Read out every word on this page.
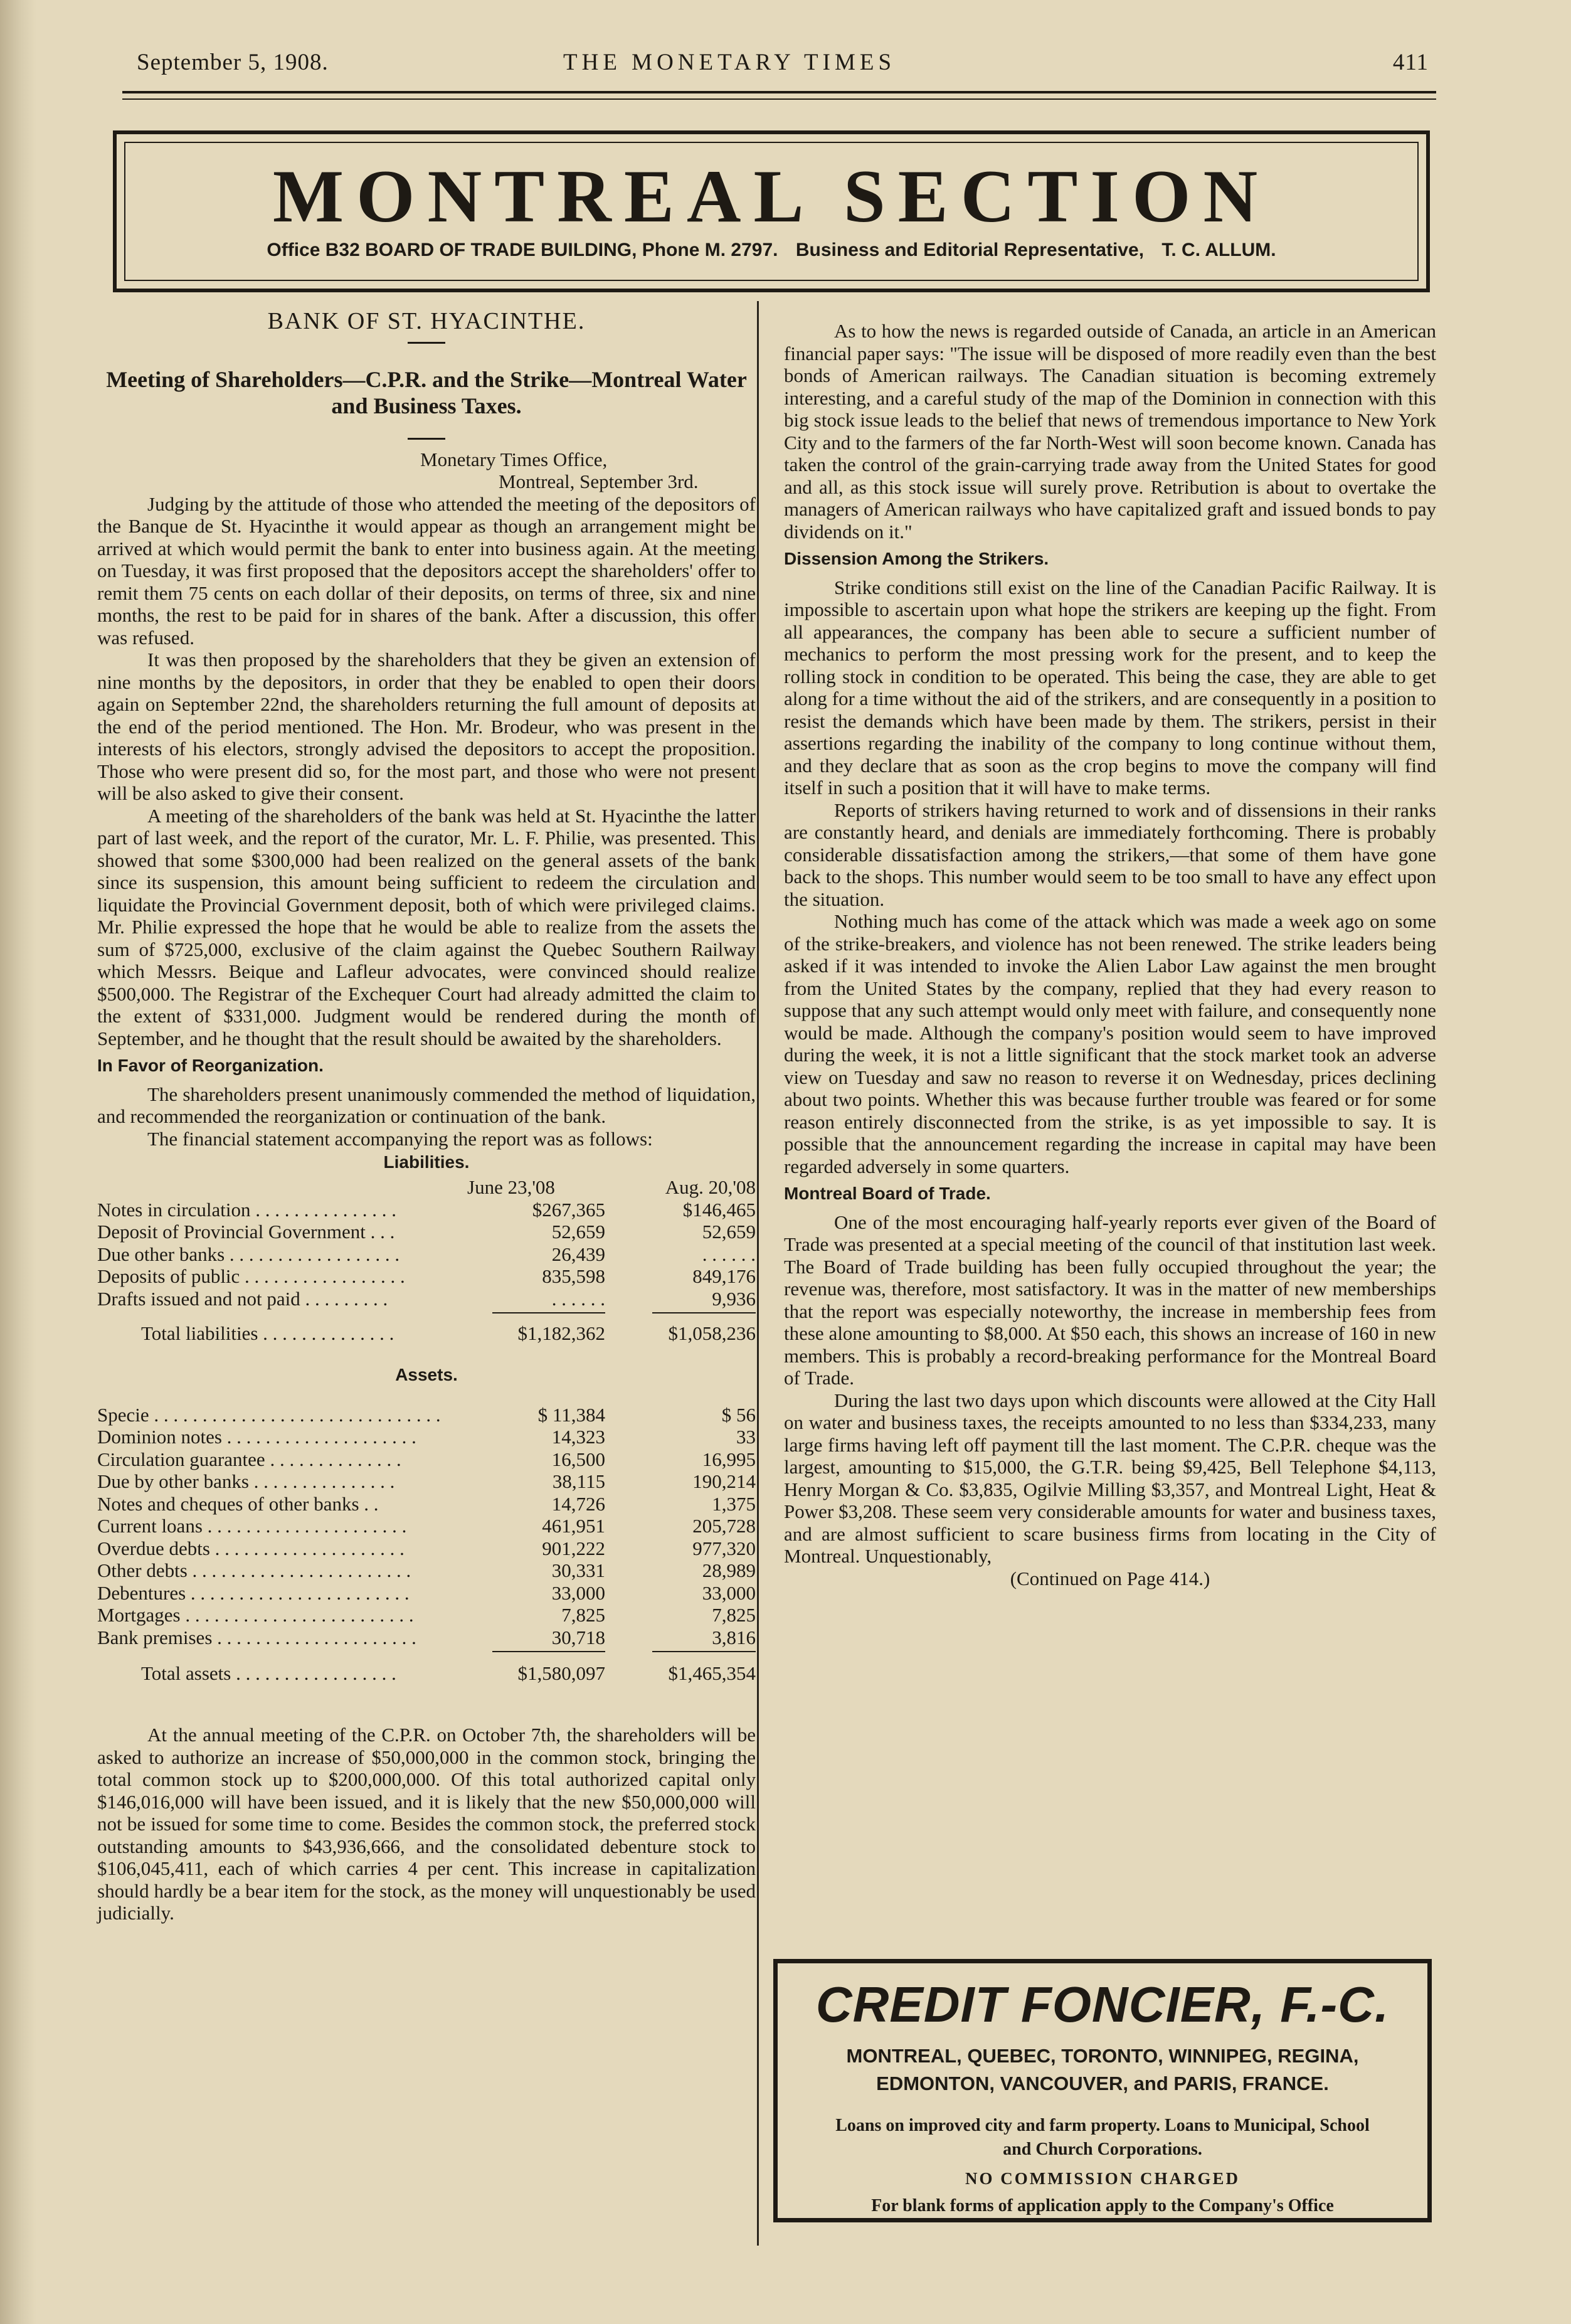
September 5, 1908.	THE MONETARY TIMES	411
MONTREAL SECTION
Office B32 BOARD OF TRADE BUILDING, Phone M. 2797. Business and Editorial Representative, T. C. ALLUM.
BANK OF ST. HYACINTHE.
Meeting of Shareholders—C.P.R. and the Strike—Montreal Water and Business Taxes.

Monetary Times Office,

Montreal, September 3rd.

Judging by the attitude of those who attended the meeting of the depositors of the Banque de St. Hyacinthe it would appear as though an arrangement might be arrived at which would permit the bank to enter into business again. At the meeting on Tuesday, it was first proposed that the depositors accept the shareholders' offer to remit them 75 cents on each dollar of their deposits, on terms of three, six and nine months, the rest to be paid for in shares of the bank. After a discussion, this offer was refused.

It was then proposed by the shareholders that they be given an extension of nine months by the depositors, in order that they be enabled to open their doors again on September 22nd, the shareholders returning the full amount of deposits at the end of the period mentioned. The Hon. Mr. Brodeur, who was present in the interests of his electors, strongly advised the depositors to accept the proposition. Those who were present did so, for the most part, and those who were not present will be also asked to give their consent.

A meeting of the shareholders of the bank was held at St. Hyacinthe the latter part of last week, and the report of the curator, Mr. L. F. Philie, was presented. This showed that some $300,000 had been realized on the general assets of the bank since its suspension, this amount being sufficient to redeem the circulation and liquidate the Provincial Government deposit, both of which were privileged claims. Mr. Philie expressed the hope that he would be able to realize from the assets the sum of $725,000, exclusive of the claim against the Quebec Southern Railway which Messrs. Beique and Lafleur advocates, were convinced should realize $500,000. The Registrar of the Exchequer Court had already admitted the claim to the extent of $331,000. Judgment would be rendered during the month of September, and he thought that the result should be awaited by the shareholders.

In Favor of Reorganization.

The shareholders present unanimously commended the method of liquidation, and recommended the reorganization or continuation of the bank.

The financial statement accompanying the report was as follows:

Liabilities.
June 23,'08	Aug. 20,'08
Notes in circulation . . . . . . . . . . . . . . .	$267,365	$146,465
Deposit of Provincial Government . . .	52,659	52,659
Due other banks . . . . . . . . . . . . . . . . . .	26,439	. . . . . .
Deposits of public . . . . . . . . . . . . . . . . .	835,598	849,176
Drafts issued and not paid . . . . . . . . .	. . . . . .	9,936
Total liabilities . . . . . . . . . . . . . .	$1,182,362	$1,058,236
Assets.
Specie . . . . . . . . . . . . . . . . . . . . . . . . . . . . . .	$ 11,384	$ 56
Dominion notes . . . . . . . . . . . . . . . . . . . .	14,323	33
Circulation guarantee . . . . . . . . . . . . . .	16,500	16,995
Due by other banks . . . . . . . . . . . . . . .	38,115	190,214
Notes and cheques of other banks . .	14,726	1,375
Current loans . . . . . . . . . . . . . . . . . . . . .	461,951	205,728
Overdue debts . . . . . . . . . . . . . . . . . . . .	901,222	977,320
Other debts . . . . . . . . . . . . . . . . . . . . . . .	30,331	28,989
Debentures . . . . . . . . . . . . . . . . . . . . . . .	33,000	33,000
Mortgages . . . . . . . . . . . . . . . . . . . . . . . .	7,825	7,825
Bank premises . . . . . . . . . . . . . . . . . . . . .	30,718	3,816
Total assets . . . . . . . . . . . . . . . . .	$1,580,097	$1,465,354

At the annual meeting of the C.P.R. on October 7th, the shareholders will be asked to authorize an increase of $50,000,000 in the common stock, bringing the total common stock up to $200,000,000. Of this total authorized capital only $146,016,000 will have been issued, and it is likely that the new $50,000,000 will not be issued for some time to come. Besides the common stock, the preferred stock outstanding amounts to $43,936,666, and the consolidated debenture stock to $106,045,411, each of which carries 4 per cent. This increase in capitalization should hardly be a bear item for the stock, as the money will unquestionably be used judicially.

As to how the news is regarded outside of Canada, an article in an American financial paper says: "The issue will be disposed of more readily even than the best bonds of American railways. The Canadian situation is becoming extremely interesting, and a careful study of the map of the Dominion in connection with this big stock issue leads to the belief that news of tremendous importance to New York City and to the farmers of the far North-West will soon become known. Canada has taken the control of the grain-carrying trade away from the United States for good and all, as this stock issue will surely prove. Retribution is about to overtake the managers of American railways who have capitalized graft and issued bonds to pay dividends on it."

Dissension Among the Strikers.

Strike conditions still exist on the line of the Canadian Pacific Railway. It is impossible to ascertain upon what hope the strikers are keeping up the fight. From all appearances, the company has been able to secure a sufficient number of mechanics to perform the most pressing work for the present, and to keep the rolling stock in condition to be operated. This being the case, they are able to get along for a time without the aid of the strikers, and are consequently in a position to resist the demands which have been made by them. The strikers, persist in their assertions regarding the inability of the company to long continue without them, and they declare that as soon as the crop begins to move the company will find itself in such a position that it will have to make terms.

Reports of strikers having returned to work and of dissensions in their ranks are constantly heard, and denials are immediately forthcoming. There is probably considerable dissatisfaction among the strikers,—that some of them have gone back to the shops. This number would seem to be too small to have any effect upon the situation.

Nothing much has come of the attack which was made a week ago on some of the strike-breakers, and violence has not been renewed. The strike leaders being asked if it was intended to invoke the Alien Labor Law against the men brought from the United States by the company, replied that they had every reason to suppose that any such attempt would only meet with failure, and consequently none would be made. Although the company's position would seem to have improved during the week, it is not a little significant that the stock market took an adverse view on Tuesday and saw no reason to reverse it on Wednesday, prices declining about two points. Whether this was because further trouble was feared or for some reason entirely disconnected from the strike, is as yet impossible to say. It is possible that the announcement regarding the increase in capital may have been regarded adversely in some quarters.

Montreal Board of Trade.

One of the most encouraging half-yearly reports ever given of the Board of Trade was presented at a special meeting of the council of that institution last week. The Board of Trade building has been fully occupied throughout the year; the revenue was, therefore, most satisfactory. It was in the matter of new memberships that the report was especially noteworthy, the increase in membership fees from these alone amounting to $8,000. At $50 each, this shows an increase of 160 in new members. This is probably a record-breaking performance for the Montreal Board of Trade.

During the last two days upon which discounts were allowed at the City Hall on water and business taxes, the receipts amounted to no less than $334,233, many large firms having left off payment till the last moment. The C.P.R. cheque was the largest, amounting to $15,000, the G.T.R. being $9,425, Bell Telephone $4,113, Henry Morgan & Co. $3,835, Ogilvie Milling $3,357, and Montreal Light, Heat & Power $3,208. These seem very considerable amounts for water and business taxes, and are almost sufficient to scare business firms from locating in the City of Montreal. Unquestionably,

(Continued on Page 414.)

CREDIT FONCIER, F.-C.
MONTREAL, QUEBEC, TORONTO, WINNIPEG, REGINA,
EDMONTON, VANCOUVER, and PARIS, FRANCE.
Loans on improved city and farm property. Loans to Municipal, School
and Church Corporations.
NO COMMISSION CHARGED
For blank forms of application apply to the Company's Office
